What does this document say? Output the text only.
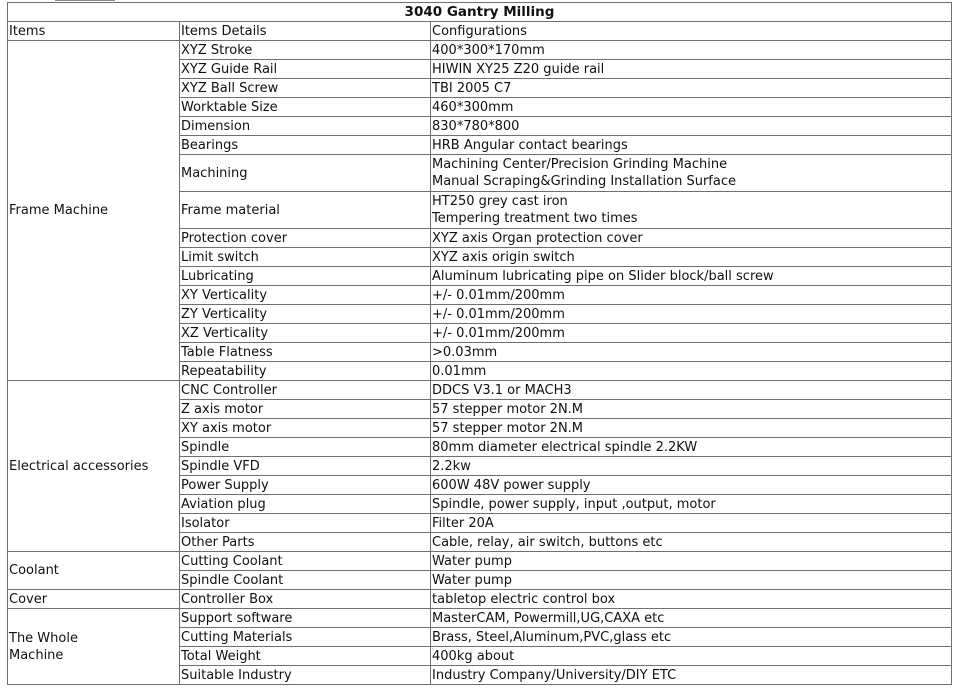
3040 Gantry Milling		
Items	Items Details	Configurations

Frame Machine	XYZ Stroke	400*300*170mm

	XYZ Guide Rail	HIWIN XY25 Z20 guide rail

	XYZ Ball Screw	TBI 2005 C7

	Worktable Size	460*300mm

	Dimension	830*780*800

	Bearings	HRB Angular contact bearings

	Machining	Machining Center/Precision Grinding Machine
Manual Scraping&Grinding Installation Surface

	Frame material	HT250 grey cast iron
Tempering treatment two times

	Protection cover	XYZ axis Organ protection cover

	Limit switch	XYZ axis origin switch

	Lubricating	Aluminum lubricating pipe on Slider block/ball screw

	XY Verticality	+/- 0.01mm/200mm

	ZY Verticality	+/- 0.01mm/200mm

	XZ Verticality	+/- 0.01mm/200mm

	Table Flatness	>0.03mm

	Repeatability	0.01mm

Electrical accessories	CNC Controller	DDCS V3.1 or MACH3

	Z axis motor	57 stepper motor 2N.M

	XY axis motor	57 stepper motor 2N.M

	Spindle	80mm diameter electrical spindle 2.2KW

	Spindle VFD	2.2kw

	Power Supply	600W 48V power supply

	Aviation plug	Spindle, power supply, input ,output, motor

	Isolator	Filter 20A

	Other Parts	Cable, relay, air switch, buttons etc

Coolant	Cutting Coolant	Water pump

	Spindle Coolant	Water pump

Cover	Controller Box	tabletop electric control box

The Whole
Machine	Support software	MasterCAM, Powermill,UG,CAXA etc

	Cutting Materials	Brass, Steel,Aluminum,PVC,glass etc

	Total Weight	400kg about

	Suitable Industry	Industry Company/University/DIY ETC
